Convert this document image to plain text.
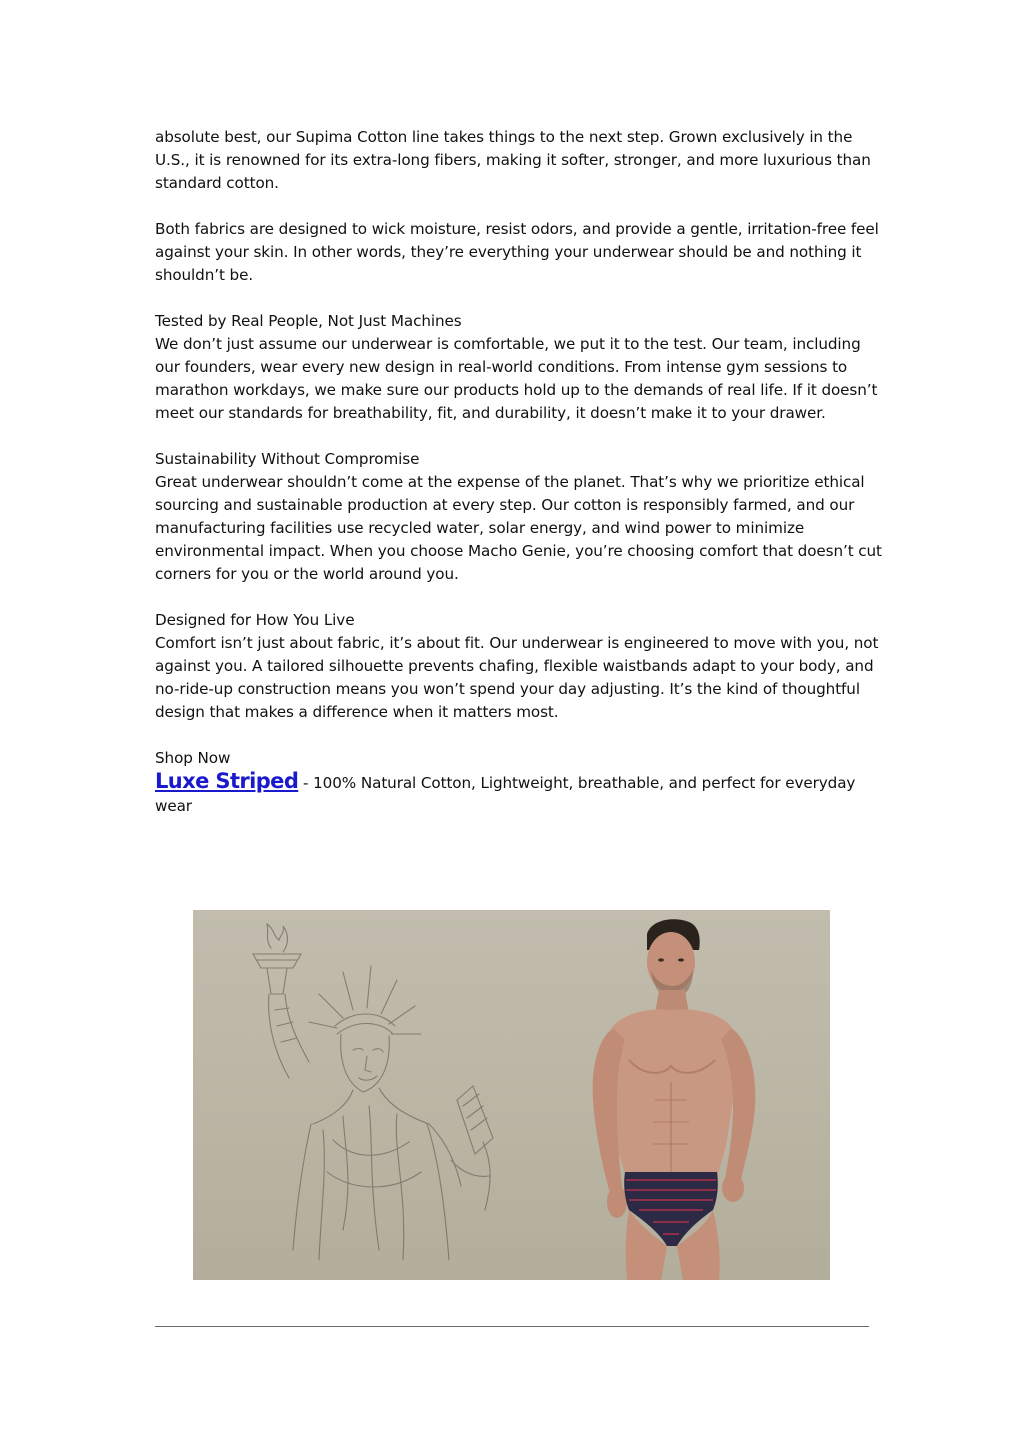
absolute best, our Supima Cotton line takes things to the next step. Grown exclusively in the U.S., it is renowned for its extra-long fibers, making it softer, stronger, and more luxurious than standard cotton.

Both fabrics are designed to wick moisture, resist odors, and provide a gentle, irritation-free feel against your skin. In other words, they’re everything your underwear should be and nothing it shouldn’t be.

Tested by Real People, Not Just Machines
We don’t just assume our underwear is comfortable, we put it to the test. Our team, including our founders, wear every new design in real-world conditions. From intense gym sessions to marathon workdays, we make sure our products hold up to the demands of real life. If it doesn’t meet our standards for breathability, fit, and durability, it doesn’t make it to your drawer.

Sustainability Without Compromise
Great underwear shouldn’t come at the expense of the planet. That’s why we prioritize ethical sourcing and sustainable production at every step. Our cotton is responsibly farmed, and our manufacturing facilities use recycled water, solar energy, and wind power to minimize environmental impact. When you choose Macho Genie, you’re choosing comfort that doesn’t cut corners for you or the world around you.

Designed for How You Live
Comfort isn’t just about fabric, it’s about fit. Our underwear is engineered to move with you, not against you. A tailored silhouette prevents chafing, flexible waistbands adapt to your body, and no-ride-up construction means you won’t spend your day adjusting. It’s the kind of thoughtful design that makes a difference when it matters most.

Shop Now
Luxe Striped - 100% Natural Cotton, Lightweight, breathable, and perfect for everyday wear
